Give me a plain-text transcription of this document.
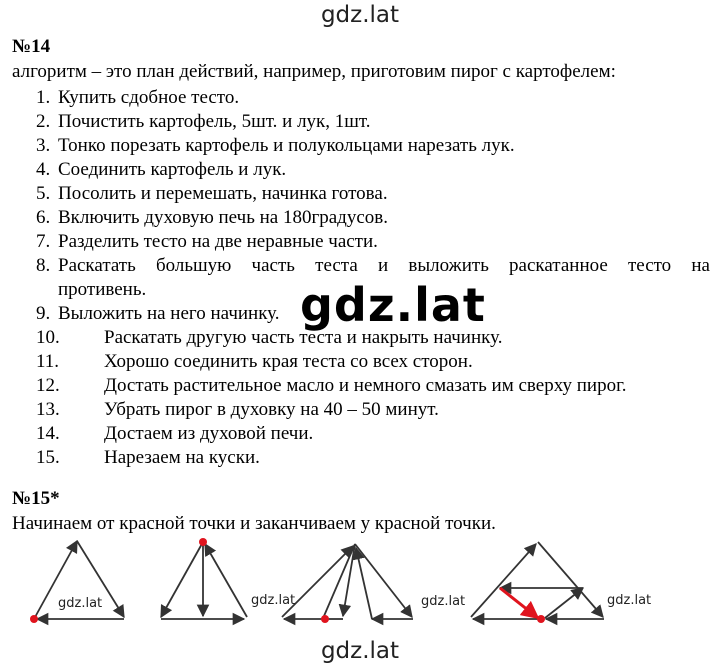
gdz.lat
№14
алгоритм – это план действий, например, приготовим пирог с картофелем:
1. Купить сдобное тесто.
2. Почистить картофель, 5шт. и лук, 1шт.
3. Тонко порезать картофель и полукольцами нарезать лук.
4. Соединить картофель и лук.
5. Посолить и перемешать, начинка готова.
6. Включить духовую печь на 180градусов.
7. Разделить тесто на две неравные части.
8. Раскатать большую часть теста и выложить раскатанное тесто на
противень.
9. Выложить на него начинку.
10. Раскатать другую часть теста и накрыть начинку.
11. Хорошо соединить края теста со всех сторон.
12. Достать растительное масло и немного смазать им сверху пирог.
13. Убрать пирог в духовку на 40 – 50 минут.
14. Достаем из духовой печи.
15. Нарезаем на куски.
gdz.lat
№15*
Начинаем от красной точки и заканчиваем у красной точки.
gdz.lat	gdz.lat	gdz.lat	gdz.lat
gdz.lat
